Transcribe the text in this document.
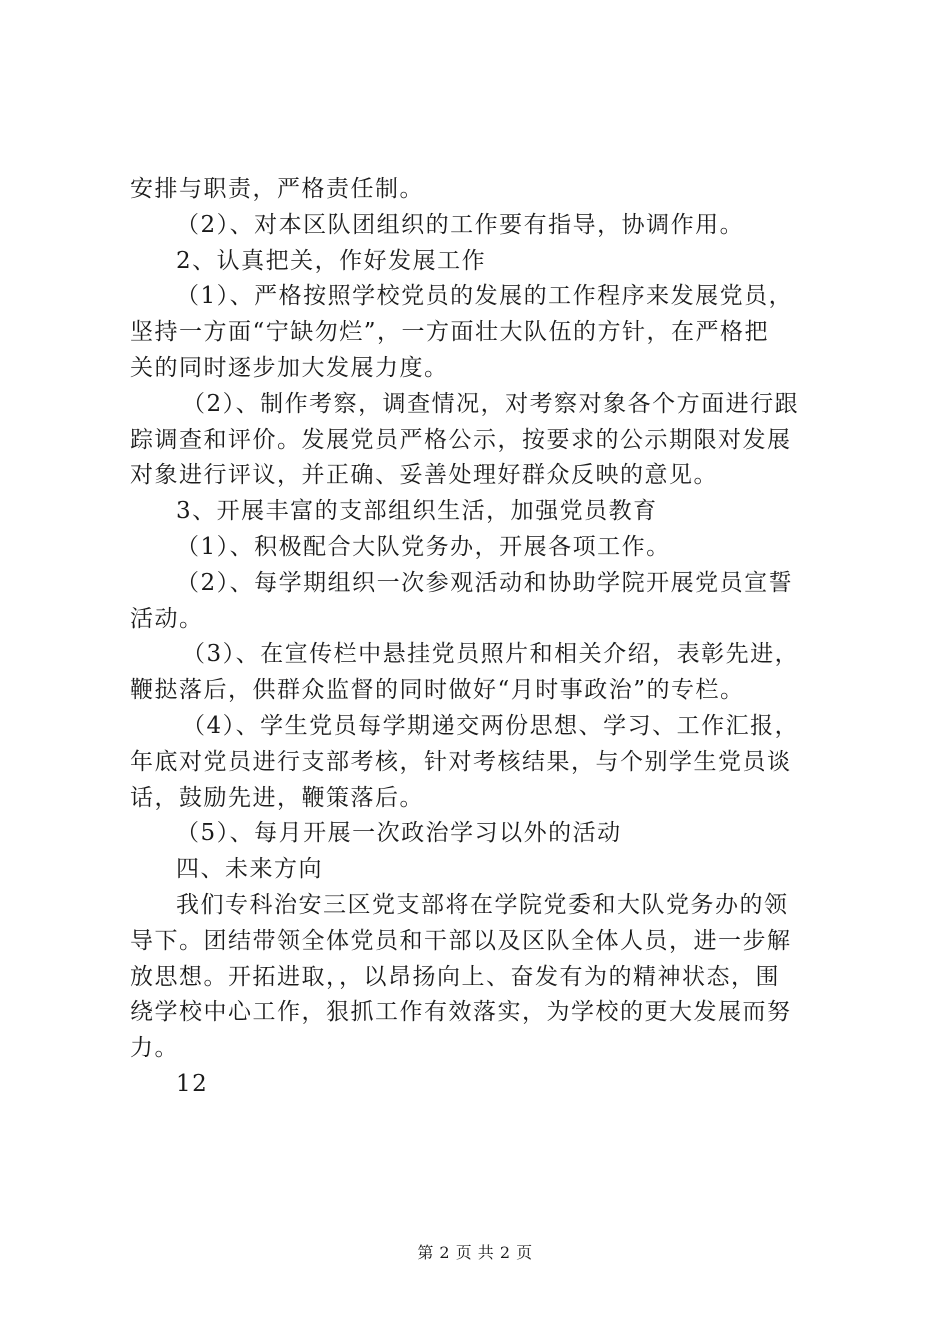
安排与职责，严格责任制。
（2）、对本区队团组织的工作要有指导，协调作用。
2、认真把关，作好发展工作
（1）、严格按照学校党员的发展的工作程序来发展党员，
坚持一方面“宁缺勿烂”，一方面壮大队伍的方针，在严格把
关的同时逐步加大发展力度。
（2）、制作考察，调查情况，对考察对象各个方面进行跟
踪调查和评价。发展党员严格公示，按要求的公示期限对发展
对象进行评议，并正确、妥善处理好群众反映的意见。
3、开展丰富的支部组织生活，加强党员教育
（1）、积极配合大队党务办，开展各项工作。
（2）、每学期组织一次参观活动和协助学院开展党员宣誓
活动。
（3）、在宣传栏中悬挂党员照片和相关介绍，表彰先进，
鞭挞落后，供群众监督的同时做好“月时事政治”的专栏。
（4）、学生党员每学期递交两份思想、学习、工作汇报，
年底对党员进行支部考核，针对考核结果，与个别学生党员谈
话，鼓励先进，鞭策落后。
（5）、每月开展一次政治学习以外的活动
四、未来方向
我们专科治安三区党支部将在学院党委和大队党务办的领
导下。团结带领全体党员和干部以及区队全体人员，进一步解
放思想。开拓进取，，以昂扬向上、奋发有为的精神状态，围
绕学校中心工作，狠抓工作有效落实，为学校的更大发展而努
力。
12
第 2 页 共 2 页
